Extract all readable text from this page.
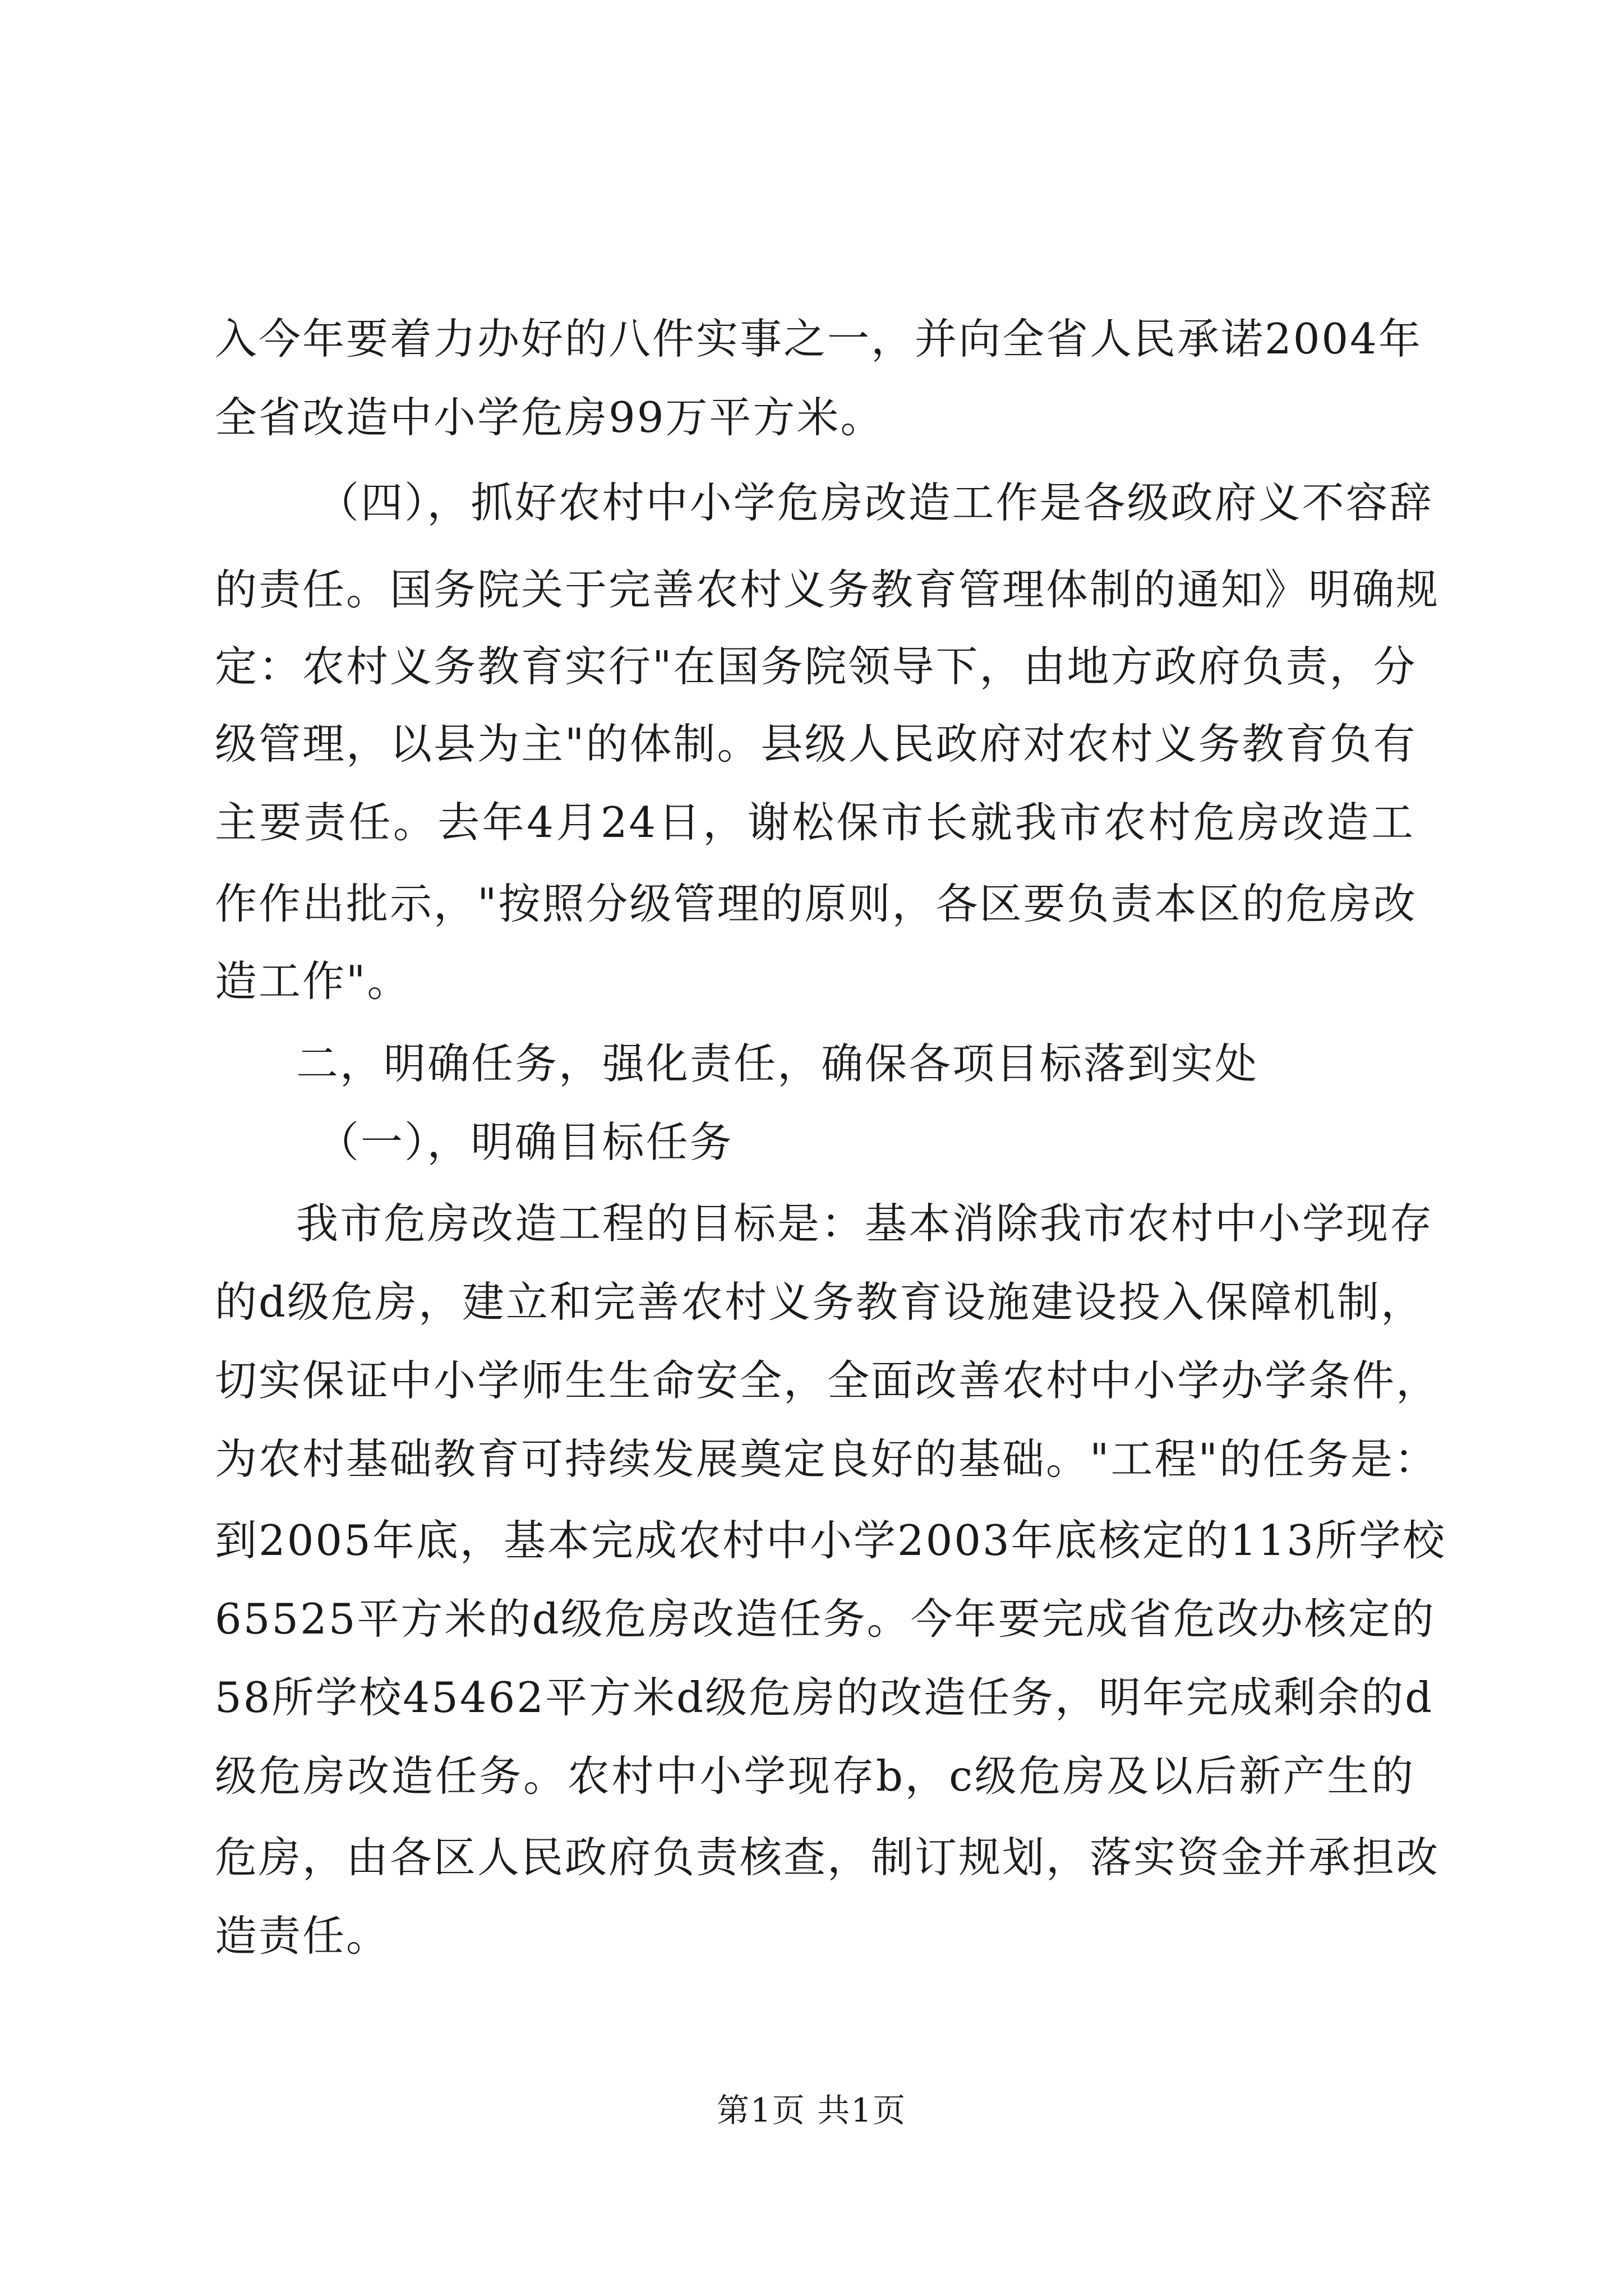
入今年要着力办好的八件实事之一，并向全省人民承诺2004年
全省改造中小学危房99万平方米。
（四），抓好农村中小学危房改造工作是各级政府义不容辞
的责任。国务院关于完善农村义务教育管理体制的通知》明确规
定：农村义务教育实行"在国务院领导下，由地方政府负责，分
级管理，以县为主"的体制。县级人民政府对农村义务教育负有
主要责任。去年4月24日，谢松保市长就我市农村危房改造工
作作出批示，"按照分级管理的原则，各区要负责本区的危房改
造工作"。
二，明确任务，强化责任，确保各项目标落到实处
（一），明确目标任务
我市危房改造工程的目标是：基本消除我市农村中小学现存
的d级危房，建立和完善农村义务教育设施建设投入保障机制，
切实保证中小学师生生命安全，全面改善农村中小学办学条件，
为农村基础教育可持续发展奠定良好的基础。"工程"的任务是：
到2005年底，基本完成农村中小学2003年底核定的113所学校
65525平方米的d级危房改造任务。今年要完成省危改办核定的
58所学校45462平方米d级危房的改造任务，明年完成剩余的d
级危房改造任务。农村中小学现存b，c级危房及以后新产生的
危房，由各区人民政府负责核查，制订规划，落实资金并承担改
造责任。
第1页 共1页
